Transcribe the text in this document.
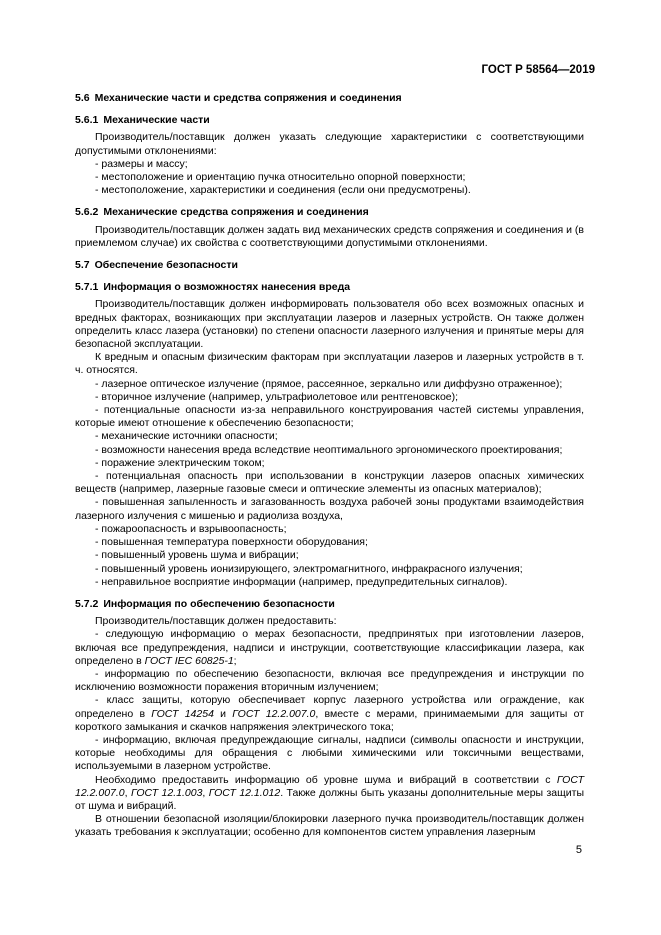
ГОСТ Р 58564—2019

5.6 Механические части и средства сопряжения и соединения

5.6.1 Механические части

Производитель/поставщик должен указать следующие характеристики с соответствующими допустимыми отклонениями:

- размеры и массу;

- местоположение и ориентацию пучка относительно опорной поверхности;

- местоположение, характеристики и соединения (если они предусмотрены).

5.6.2 Механические средства сопряжения и соединения

Производитель/поставщик должен задать вид механических средств сопряжения и соединения и (в приемлемом случае) их свойства с соответствующими допустимыми отклонениями.

5.7 Обеспечение безопасности

5.7.1 Информация о возможностях нанесения вреда

Производитель/поставщик должен информировать пользователя обо всех возможных опасных и вредных факторах, возникающих при эксплуатации лазеров и лазерных устройств. Он также должен определить класс лазера (установки) по степени опасности лазерного излучения и принятые меры для безопасной эксплуатации.

К вредным и опасным физическим факторам при эксплуатации лазеров и лазерных устройств в т. ч. относятся.

- лазерное оптическое излучение (прямое, рассеянное, зеркально или диффузно отраженное);

- вторичное излучение (например, ультрафиолетовое или рентгеновское);

- потенциальные опасности из-за неправильного конструирования частей системы управления, которые имеют отношение к обеспечению безопасности;

- механические источники опасности;

- возможности нанесения вреда вследствие неоптимального эргономического проектирования;

- поражение электрическим током;

- потенциальная опасность при использовании в конструкции лазеров опасных химических веществ (например, лазерные газовые смеси и оптические элементы из опасных материалов);

- повышенная запыленность и загазованность воздуха рабочей зоны продуктами взаимодействия лазерного излучения с мишенью и радиолиза воздуха,

- пожароопасность и взрывоопасность;

- повышенная температура поверхности оборудования;

- повышенный уровень шума и вибрации;

- повышенный уровень ионизирующего, электромагнитного, инфракрасного излучения;

- неправильное восприятие информации (например, предупредительных сигналов).

5.7.2 Информация по обеспечению безопасности

Производитель/поставщик должен предоставить:

- следующую информацию о мерах безопасности, предпринятых при изготовлении лазеров, включая все предупреждения, надписи и инструкции, соответствующие классификации лазера, как определено в ГОСТ IEC 60825-1;

- информацию по обеспечению безопасности, включая все предупреждения и инструкции по исключению возможности поражения вторичным излучением;

- класс защиты, которую обеспечивает корпус лазерного устройства или ограждение, как определено в ГОСТ 14254 и ГОСТ 12.2.007.0, вместе с мерами, принимаемыми для защиты от короткого замыкания и скачков напряжения электрического тока;

- информацию, включая предупреждающие сигналы, надписи (символы опасности и инструкции, которые необходимы для обращения с любыми химическими или токсичными веществами, используемыми в лазерном устройстве.

Необходимо предоставить информацию об уровне шума и вибраций в соответствии с ГОСТ 12.2.007.0, ГОСТ 12.1.003, ГОСТ 12.1.012. Также должны быть указаны дополнительные меры защиты от шума и вибраций.

В отношении безопасной изоляции/блокировки лазерного пучка производитель/поставщик должен указать требования к эксплуатации; особенно для компонентов систем управления лазерным

5
